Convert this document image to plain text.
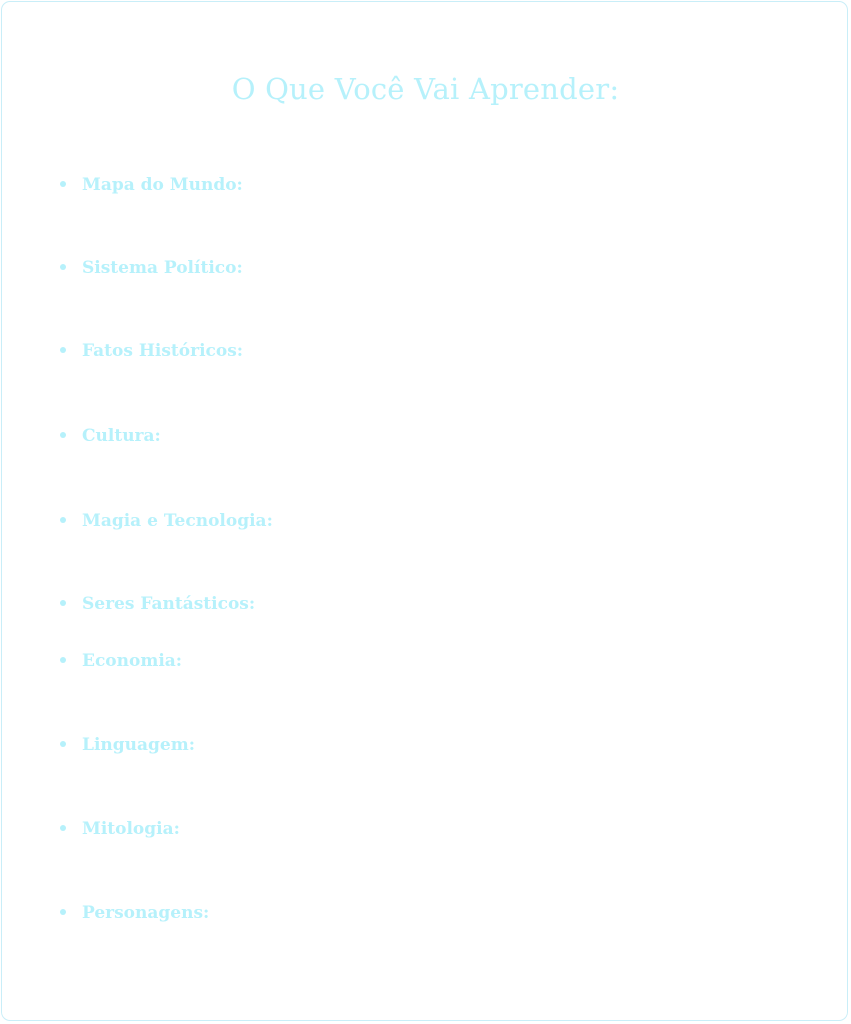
O Que Você Vai Aprender:
Mapa do Mundo:
Sistema Político:
Fatos Históricos:
Cultura:
Magia e Tecnologia:
Seres Fantásticos:
Economia:
Linguagem:
Mitologia:
Personagens:
